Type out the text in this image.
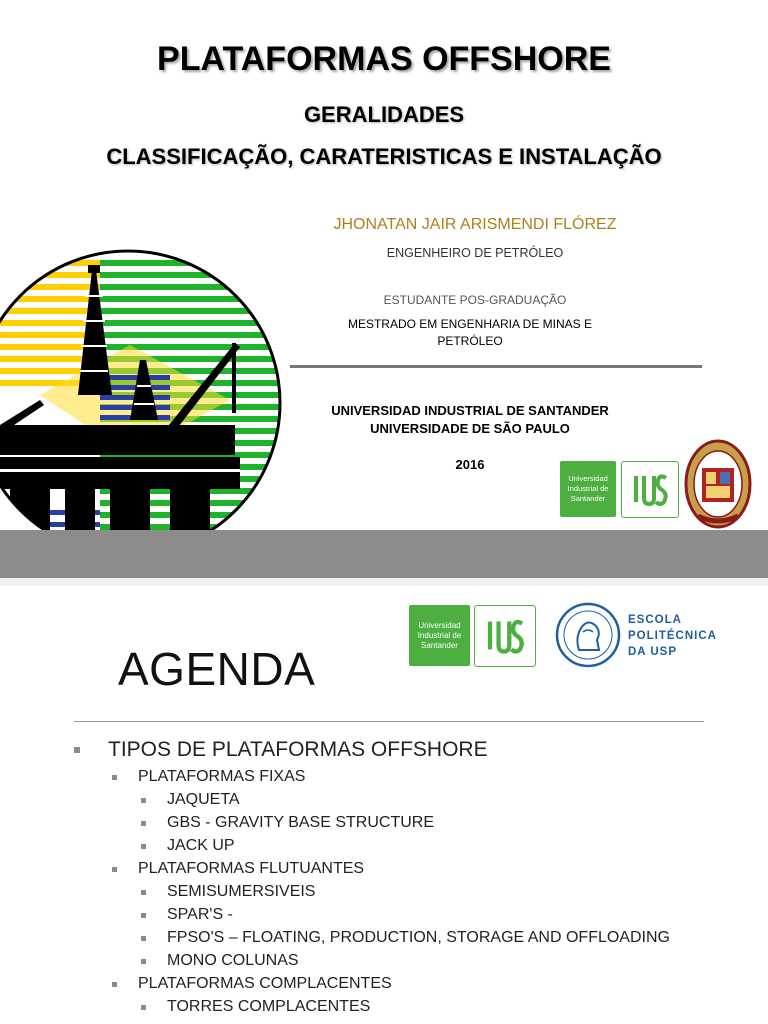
PLATAFORMAS OFFSHORE
GERALIDADES
CLASSIFICAÇÃO, CARATERISTICAS E INSTALAÇÃO
JHONATAN JAIR ARISMENDI FLÓREZ
ENGENHEIRO DE PETRÓLEO
ESTUDANTE POS-GRADUAÇÃO
MESTRADO EM ENGENHARIA DE MINAS E
PETRÓLEO
UNIVERSIDAD INDUSTRIAL DE SANTANDER
UNIVERSIDADE DE SÃO PAULO
2016
Universidad Industrial de Santander
Universidad Industrial de Santander
ESCOLA
POLITÉCNICA
DA USP
AGENDA
TIPOS DE PLATAFORMAS OFFSHORE
PLATAFORMAS FIXAS
JAQUETA
GBS - GRAVITY BASE STRUCTURE
JACK UP
PLATAFORMAS FLUTUANTES
SEMISUMERSIVEIS
SPAR'S -
FPSO'S – FLOATING, PRODUCTION, STORAGE AND OFFLOADING
MONO COLUNAS
PLATAFORMAS COMPLACENTES
TORRES COMPLACENTES
